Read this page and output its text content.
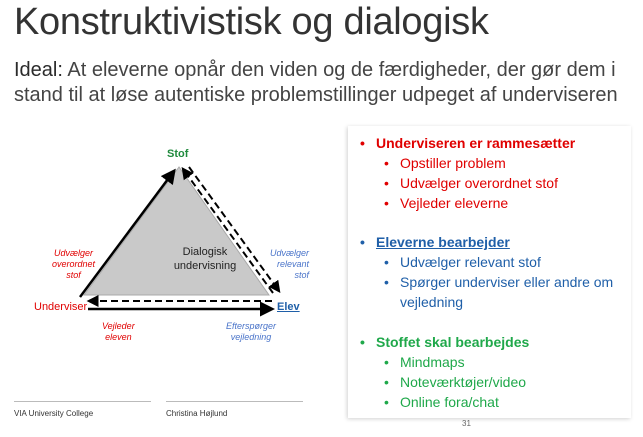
Konstruktivistisk og dialogisk
Ideal: At eleverne opnår den viden og de færdigheder, der gør dem i stand til at løse autentiske problemstillinger udpeget af underviseren
Stof
Underviser	Elev
Dialogisk undervisning
Udvælger
overordnet
stof
Udvælger
relevant
stof
Vejleder
eleven
Efterspørger
vejledning
• Underviseren er rammesætter
• Opstiller problem
• Udvælger overordnet stof
• Vejleder eleverne
• Eleverne bearbejder
• Udvælger relevant stof
• Spørger underviser eller andre om vejledning
• Stoffet skal bearbejdes
• Mindmaps
• Noteværktøjer/video
• Online fora/chat
VIA University College	Christina Højlund
31
